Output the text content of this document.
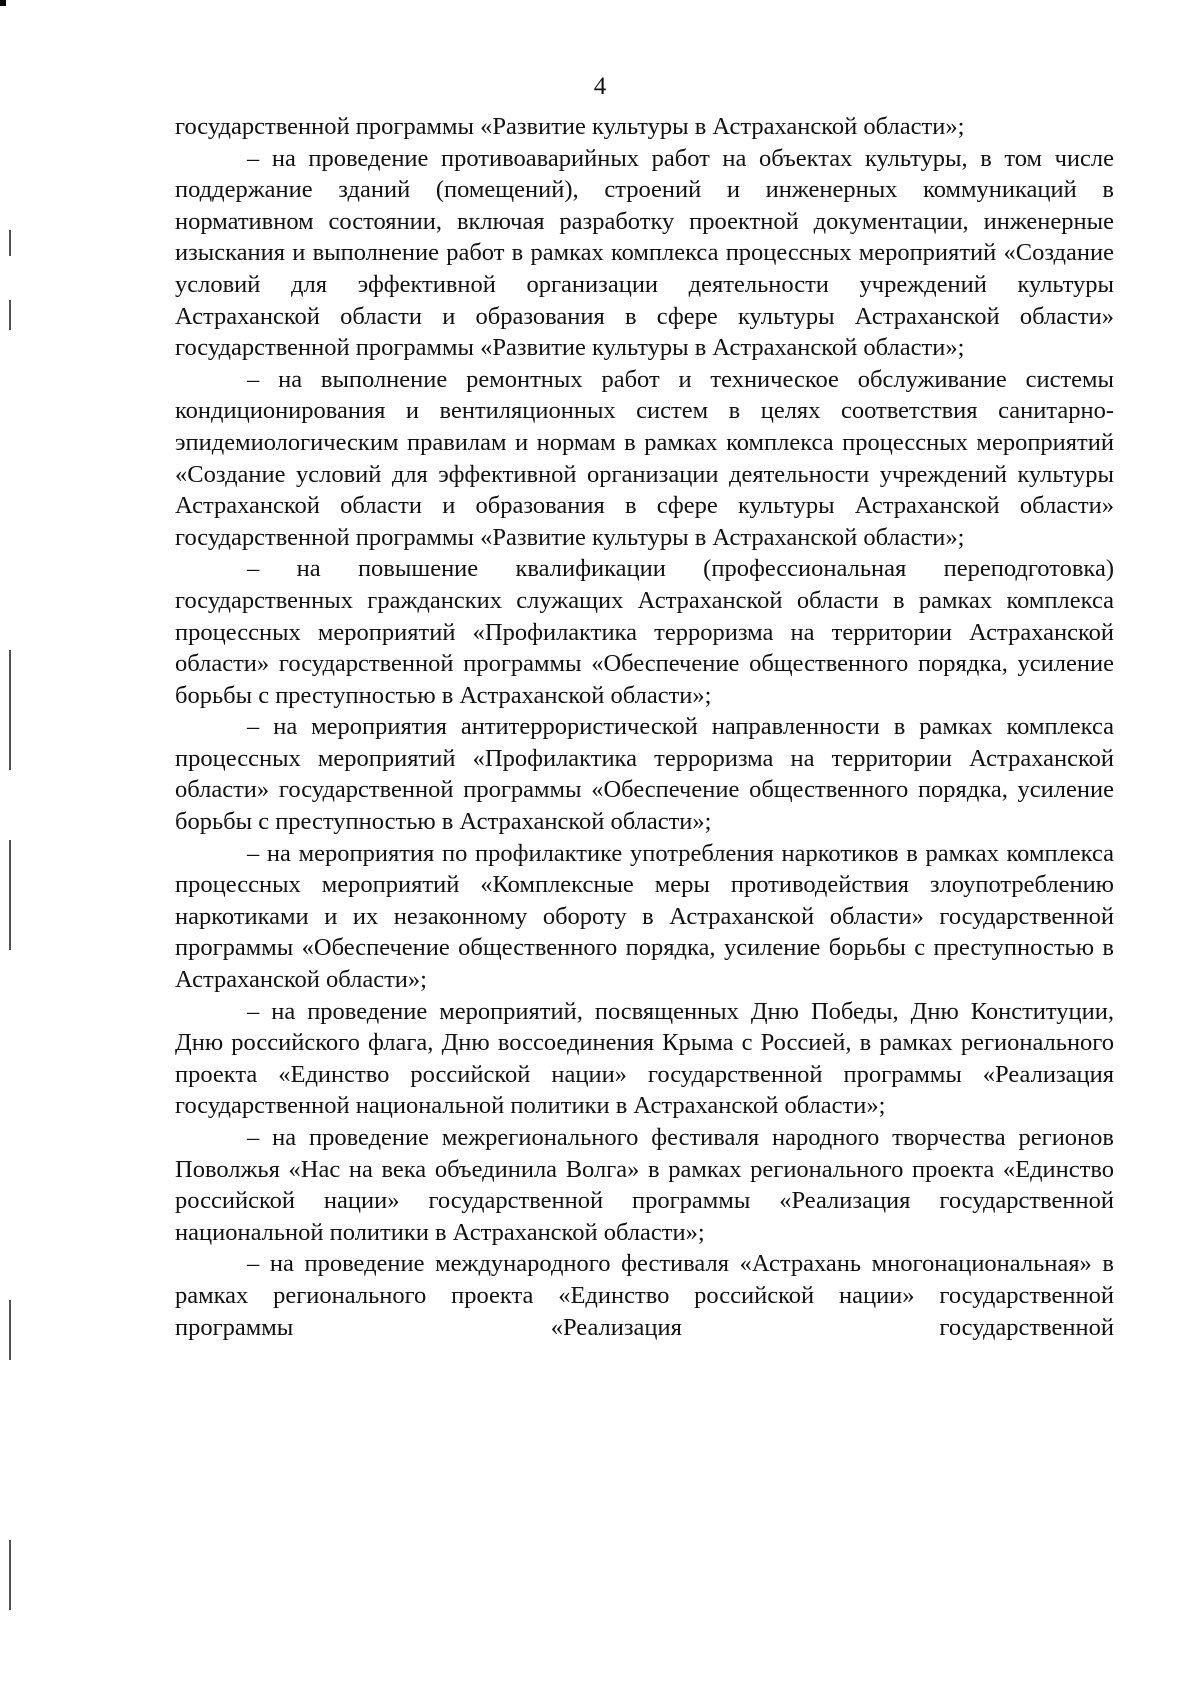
4

государственной программы «Развитие культуры в Астраханской области»;

– на проведение противоаварийных работ на объектах культуры, в том числе поддержание зданий (помещений), строений и инженерных коммуникаций в нормативном состоянии, включая разработку проектной документации, инженерные изыскания и выполнение работ в рамках комплекса процессных мероприятий «Создание условий для эффективной организации деятельности учреждений культуры Астраханской области и образования в сфере культуры Астраханской области» государственной программы «Развитие культуры в Астраханской области»;

– на выполнение ремонтных работ и техническое обслуживание системы кондиционирования и вентиляционных систем в целях соответствия санитарно-эпидемиологическим правилам и нормам в рамках комплекса процессных мероприятий «Создание условий для эффективной организации деятельности учреждений культуры Астраханской области и образования в сфере культуры Астраханской области» государственной программы «Развитие культуры в Астраханской области»;

– на повышение квалификации (профессиональная переподготовка) государственных гражданских служащих Астраханской области в рамках комплекса процессных мероприятий «Профилактика терроризма на территории Астраханской области» государственной программы «Обеспечение общественного порядка, усиление борьбы с преступностью в Астраханской области»;

– на мероприятия антитеррористической направленности в рамках комплекса процессных мероприятий «Профилактика терроризма на территории Астраханской области» государственной программы «Обеспечение общественного порядка, усиление борьбы с преступностью в Астраханской области»;

– на мероприятия по профилактике употребления наркотиков в рамках комплекса процессных мероприятий «Комплексные меры противодействия злоупотреблению наркотиками и их незаконному обороту в Астраханской области» государственной программы «Обеспечение общественного порядка, усиление борьбы с преступностью в Астраханской области»;

– на проведение мероприятий, посвященных Дню Победы, Дню Конституции, Дню российского флага, Дню воссоединения Крыма с Россией, в рамках регионального проекта «Единство российской нации» государственной программы «Реализация государственной национальной политики в Астраханской области»;

– на проведение межрегионального фестиваля народного творчества регионов Поволжья «Нас на века объединила Волга» в рамках регионального проекта «Единство российской нации» государственной программы «Реализация государственной национальной политики в Астраханской области»;

– на проведение международного фестиваля «Астрахань многонациональная» в рамках регионального проекта «Единство российской нации» государственной программы «Реализация государственной
